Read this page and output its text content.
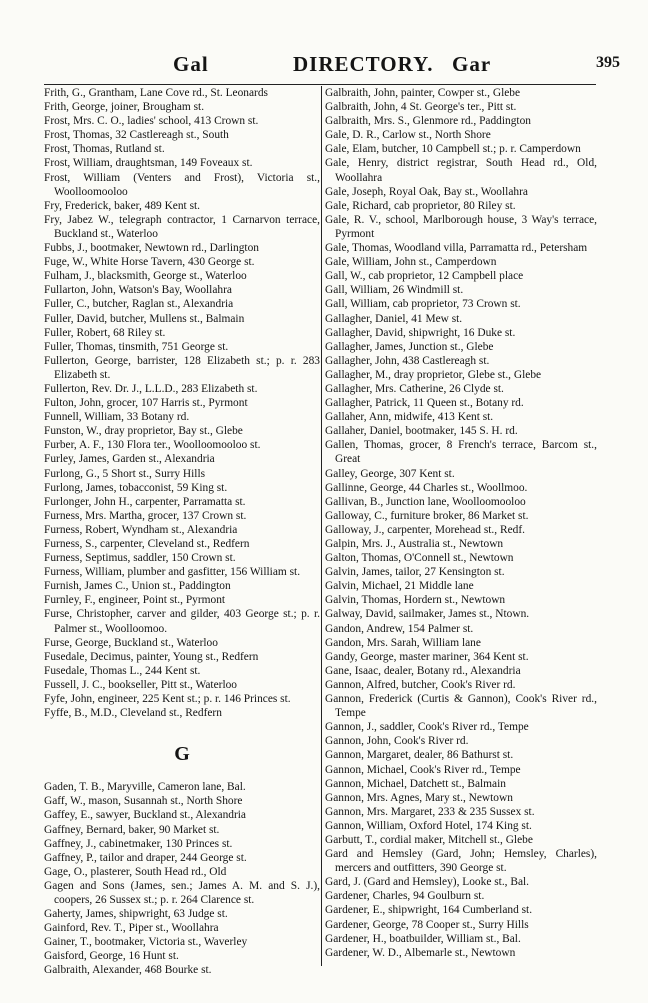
Gal	DIRECTORY. Gar	395
Frith, G., Grantham, Lane Cove rd., St. Leonards
Frith, George, joiner, Brougham st.
Frost, Mrs. C. O., ladies' school, 413 Crown st.
Frost, Thomas, 32 Castlereagh st., South
Frost, Thomas, Rutland st.
Frost, William, draughtsman, 149 Foveaux st.
Frost, William (Venters and Frost), Victoria st., Woolloomooloo
Fry, Frederick, baker, 489 Kent st.
Fry, Jabez W., telegraph contractor, 1 Carnarvon terrace, Buckland st., Waterloo
Fubbs, J., bootmaker, Newtown rd., Darlington
Fuge, W., White Horse Tavern, 430 George st.
Fulham, J., blacksmith, George st., Waterloo
Fullarton, John, Watson's Bay, Woollahra
Fuller, C., butcher, Raglan st., Alexandria
Fuller, David, butcher, Mullens st., Balmain
Fuller, Robert, 68 Riley st.
Fuller, Thomas, tinsmith, 751 George st.
Fullerton, George, barrister, 128 Elizabeth st.; p. r. 283 Elizabeth st.
Fullerton, Rev. Dr. J., L.L.D., 283 Elizabeth st.
Fulton, John, grocer, 107 Harris st., Pyrmont
Funnell, William, 33 Botany rd.
Funston, W., dray proprietor, Bay st., Glebe
Furber, A. F., 130 Flora ter., Woolloomooloo st.
Furley, James, Garden st., Alexandria
Furlong, G., 5 Short st., Surry Hills
Furlong, James, tobacconist, 59 King st.
Furlonger, John H., carpenter, Parramatta st.
Furness, Mrs. Martha, grocer, 137 Crown st.
Furness, Robert, Wyndham st., Alexandria
Furness, S., carpenter, Cleveland st., Redfern
Furness, Septimus, saddler, 150 Crown st.
Furness, William, plumber and gasfitter, 156 William st.
Furnish, James C., Union st., Paddington
Furnley, F., engineer, Point st., Pyrmont
Furse, Christopher, carver and gilder, 403 George st.; p. r. Palmer st., Woolloomoo.
Furse, George, Buckland st., Waterloo
Fusedale, Decimus, painter, Young st., Redfern
Fusedale, Thomas L., 244 Kent st.
Fussell, J. C., bookseller, Pitt st., Waterloo
Fyfe, John, engineer, 225 Kent st.; p. r. 146 Princes st.
Fyffe, B., M.D., Cleveland st., Redfern
G
Gaden, T. B., Maryville, Cameron lane, Bal.
Gaff, W., mason, Susannah st., North Shore
Gaffey, E., sawyer, Buckland st., Alexandria
Gaffney, Bernard, baker, 90 Market st.
Gaffney, J., cabinetmaker, 130 Princes st.
Gaffney, P., tailor and draper, 244 George st.
Gage, O., plasterer, South Head rd., Old
Gagen and Sons (James, sen.; James A. M. and S. J.), coopers, 26 Sussex st.; p. r. 264 Clarence st.
Gaherty, James, shipwright, 63 Judge st.
Gainford, Rev. T., Piper st., Woollahra
Gainer, T., bootmaker, Victoria st., Waverley
Gaisford, George, 16 Hunt st.
Galbraith, Alexander, 468 Bourke st.
Galbraith, John, painter, Cowper st., Glebe
Galbraith, John, 4 St. George's ter., Pitt st.
Galbraith, Mrs. S., Glenmore rd., Paddington
Gale, D. R., Carlow st., North Shore
Gale, Elam, butcher, 10 Campbell st.; p. r. Camperdown
Gale, Henry, district registrar, South Head rd., Old, Woollahra
Gale, Joseph, Royal Oak, Bay st., Woollahra
Gale, Richard, cab proprietor, 80 Riley st.
Gale, R. V., school, Marlborough house, 3 Way's terrace, Pyrmont
Gale, Thomas, Woodland villa, Parramatta rd., Petersham
Gale, William, John st., Camperdown
Gall, W., cab proprietor, 12 Campbell place
Gall, William, 26 Windmill st.
Gall, William, cab proprietor, 73 Crown st.
Gallagher, Daniel, 41 Mew st.
Gallagher, David, shipwright, 16 Duke st.
Gallagher, James, Junction st., Glebe
Gallagher, John, 438 Castlereagh st.
Gallagher, M., dray proprietor, Glebe st., Glebe
Gallagher, Mrs. Catherine, 26 Clyde st.
Gallagher, Patrick, 11 Queen st., Botany rd.
Gallaher, Ann, midwife, 413 Kent st.
Gallaher, Daniel, bootmaker, 145 S. H. rd.
Gallen, Thomas, grocer, 8 French's terrace, Barcom st., Great
Galley, George, 307 Kent st.
Gallinne, George, 44 Charles st., Woollmoo.
Gallivan, B., Junction lane, Woolloomooloo
Galloway, C., furniture broker, 86 Market st.
Galloway, J., carpenter, Morehead st., Redf.
Galpin, Mrs. J., Australia st., Newtown
Galton, Thomas, O'Connell st., Newtown
Galvin, James, tailor, 27 Kensington st.
Galvin, Michael, 21 Middle lane
Galvin, Thomas, Hordern st., Newtown
Galway, David, sailmaker, James st., Ntown.
Gandon, Andrew, 154 Palmer st.
Gandon, Mrs. Sarah, William lane
Gandy, George, master mariner, 364 Kent st.
Gane, Isaac, dealer, Botany rd., Alexandria
Gannon, Alfred, butcher, Cook's River rd.
Gannon, Frederick (Curtis & Gannon), Cook's River rd., Tempe
Gannon, J., saddler, Cook's River rd., Tempe
Gannon, John, Cook's River rd.
Gannon, Margaret, dealer, 86 Bathurst st.
Gannon, Michael, Cook's River rd., Tempe
Gannon, Michael, Datchett st., Balmain
Gannon, Mrs. Agnes, Mary st., Newtown
Gannon, Mrs. Margaret, 233 & 235 Sussex st.
Gannon, William, Oxford Hotel, 174 King st.
Garbutt, T., cordial maker, Mitchell st., Glebe
Gard and Hemsley (Gard, John; Hemsley, Charles), mercers and outfitters, 390 George st.
Gard, J. (Gard and Hemsley), Looke st., Bal.
Gardener, Charles, 94 Goulburn st.
Gardener, E., shipwright, 164 Cumberland st.
Gardener, George, 78 Cooper st., Surry Hills
Gardener, H., boatbuilder, William st., Bal.
Gardener, W. D., Albemarle st., Newtown
